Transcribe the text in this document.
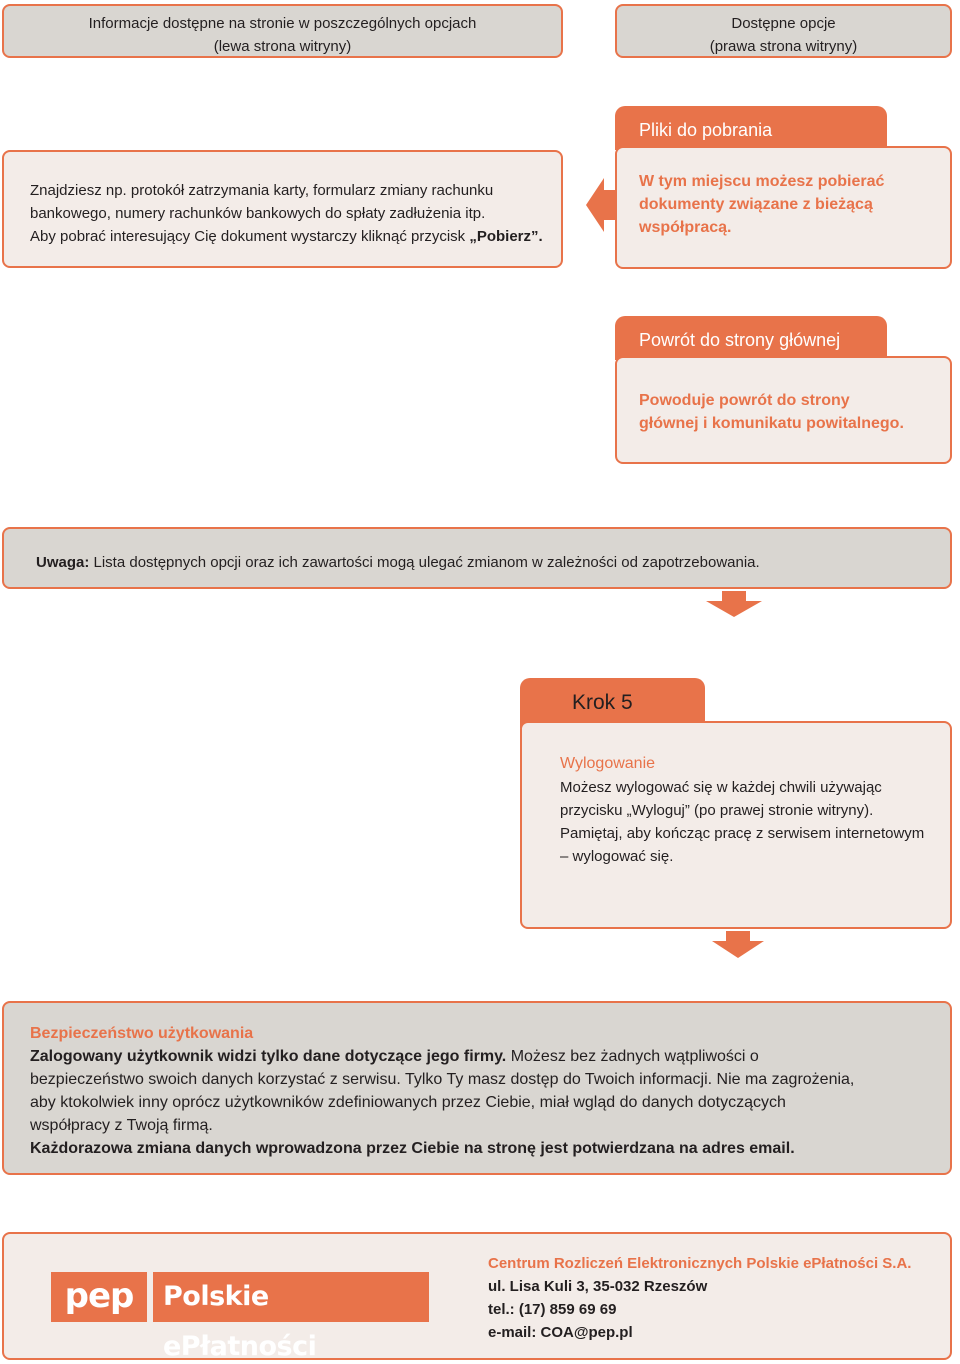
Informacje dostępne na stronie w poszczególnych opcjach
(lewa strona witryny)
Dostępne opcje
(prawa strona witryny)
Znajdziesz np. protokół zatrzymania karty, formularz zmiany rachunku
bankowego, numery rachunków bankowych do spłaty zadłużenia itp.
Aby pobrać interesujący Cię dokument wystarczy kliknąć przycisk „Pobierz”.
Pliki do pobrania
W tym miejscu możesz pobierać dokumenty związane z bieżącą współpracą.
Powrót do strony głównej
Powoduje powrót do strony
głównej i komunikatu powitalnego.
Uwaga: Lista dostępnych opcji oraz ich zawartości mogą ulegać zmianom w zależności od zapotrzebowania.
Krok 5
Wylogowanie
Możesz wylogować się w każdej chwili używając
przycisku „Wyloguj” (po prawej stronie witryny).
Pamiętaj, aby kończąc pracę z serwisem internetowym
– wylogować się.
Bezpieczeństwo użytkowania
Zalogowany użytkownik widzi tylko dane dotyczące jego firmy. Możesz bez żadnych wątpliwości o
bezpieczeństwo swoich danych korzystać z serwisu. Tylko Ty masz dostęp do Twoich informacji. Nie ma zagrożenia,
aby ktokolwiek inny oprócz użytkowników zdefiniowanych przez Ciebie, miał wgląd do danych dotyczących
współpracy z Twoją firmą.
Każdorazowa zmiana danych wprowadzona przez Ciebie na stronę jest potwierdzana na adres email.
pep	Polskie ePłatności
Centrum Rozliczeń Elektronicznych Polskie ePłatności S.A.
ul. Lisa Kuli 3, 35-032 Rzeszów
tel.: (17) 859 69 69
e-mail: COA@pep.pl
